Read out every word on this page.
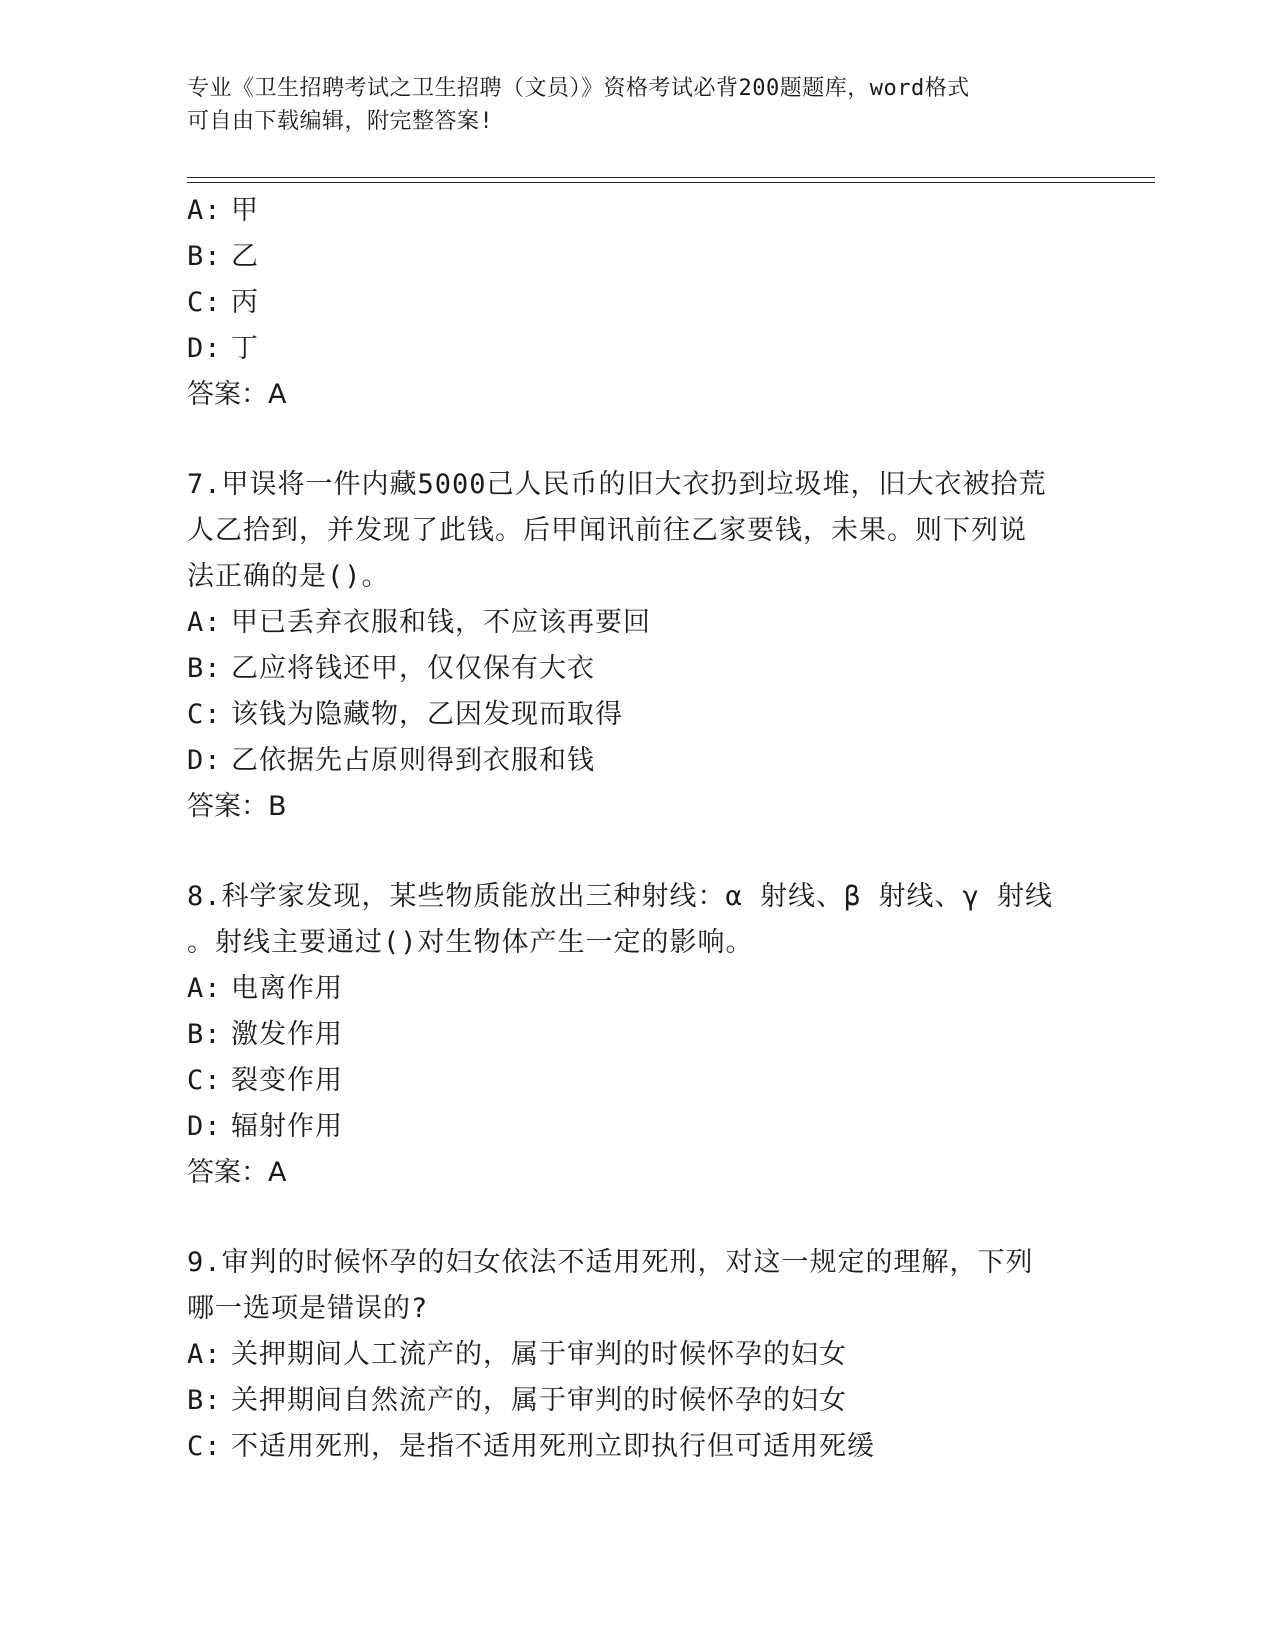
专业《卫生招聘考试之卫生招聘（文员）》资格考试必背200题题库，word格式
可自由下载编辑，附完整答案!
A: 甲
B: 乙
C: 丙
D: 丁
答案：A
7.甲误将一件内藏5000己人民币的旧大衣扔到垃圾堆，旧大衣被拾荒
人乙拾到，并发现了此钱。后甲闻讯前往乙家要钱，未果。则下列说
法正确的是()。
A: 甲已丢弃衣服和钱，不应该再要回
B: 乙应将钱还甲，仅仅保有大衣
C: 该钱为隐藏物，乙因发现而取得
D: 乙依据先占原则得到衣服和钱
答案：B
8.科学家发现，某些物质能放出三种射线：α 射线、β 射线、γ 射线
。射线主要通过()对生物体产生一定的影响。
A: 电离作用
B: 激发作用
C: 裂变作用
D: 辐射作用
答案：A
9.审判的时候怀孕的妇女依法不适用死刑，对这一规定的理解，下列
哪一选项是错误的?
A: 关押期间人工流产的，属于审判的时候怀孕的妇女
B: 关押期间自然流产的，属于审判的时候怀孕的妇女
C: 不适用死刑，是指不适用死刑立即执行但可适用死缓
